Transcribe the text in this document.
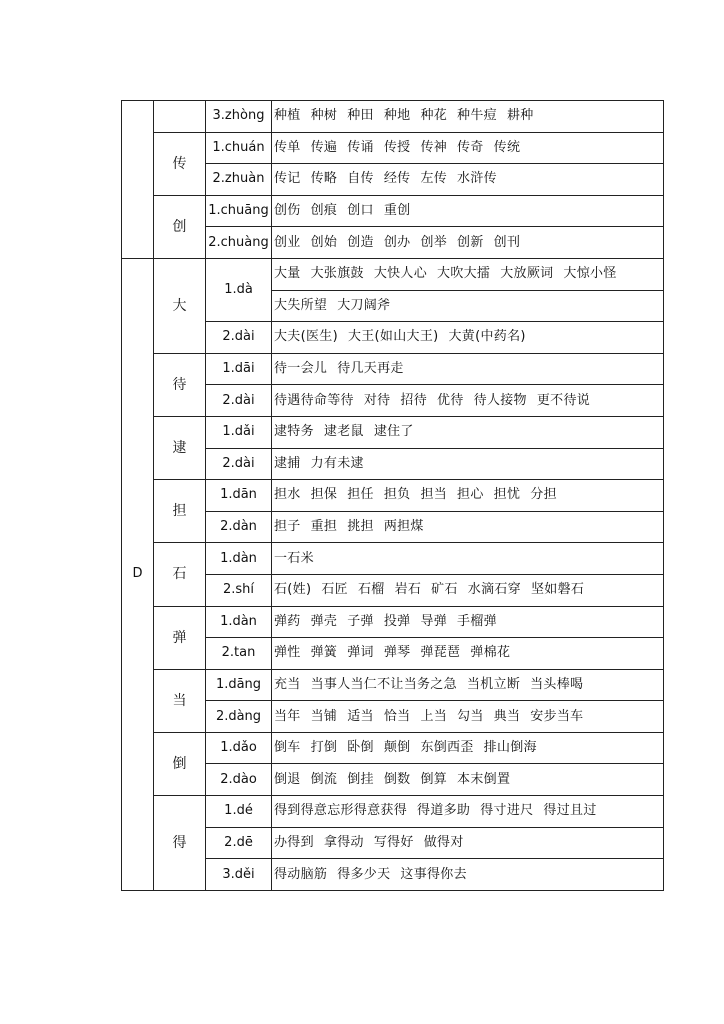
		3.zhòng	种植 种树 种田 种地 种花 种牛痘 耕种
	传	1.chuán	传单 传遍 传诵 传授 传神 传奇 传统
		2.zhuàn	传记 传略 自传 经传 左传 水浒传
	创	1.chuāng	创伤 创痕 创口 重创
		2.chuàng	创业 创始 创造 创办 创举 创新 创刊
D	大	1.dà	大量 大张旗鼓 大快人心 大吹大擂 大放厥词 大惊小怪
			大失所望 大刀阔斧
		2.dài	大夫(医生) 大王(如山大王) 大黄(中药名)
	待	1.dāi	待一会儿 待几天再走
		2.dài	待遇待命等待 对待 招待 优待 待人接物 更不待说
	逮	1.dǎi	逮特务 逮老鼠 逮住了
		2.dài	逮捕 力有未逮
	担	1.dān	担水 担保 担任 担负 担当 担心 担忧 分担
		2.dàn	担子 重担 挑担 两担煤
	石	1.dàn	一石米
		2.shí	石(姓) 石匠 石榴 岩石 矿石 水滴石穿 坚如磐石
	弹	1.dàn	弹药 弹壳 子弹 投弹 导弹 手榴弹
		2.tan	弹性 弹簧 弹词 弹琴 弹琵琶 弹棉花
	当	1.dāng	充当 当事人当仁不让当务之急 当机立断 当头棒喝
		2.dàng	当年 当铺 适当 恰当 上当 勾当 典当 安步当车
	倒	1.dǎo	倒车 打倒 卧倒 颠倒 东倒西歪 排山倒海
		2.dào	倒退 倒流 倒挂 倒数 倒算 本末倒置
	得	1.dé	得到得意忘形得意获得 得道多助 得寸进尺 得过且过
		2.dē	办得到 拿得动 写得好 做得对
		3.děi	得动脑筋 得多少天 这事得你去
